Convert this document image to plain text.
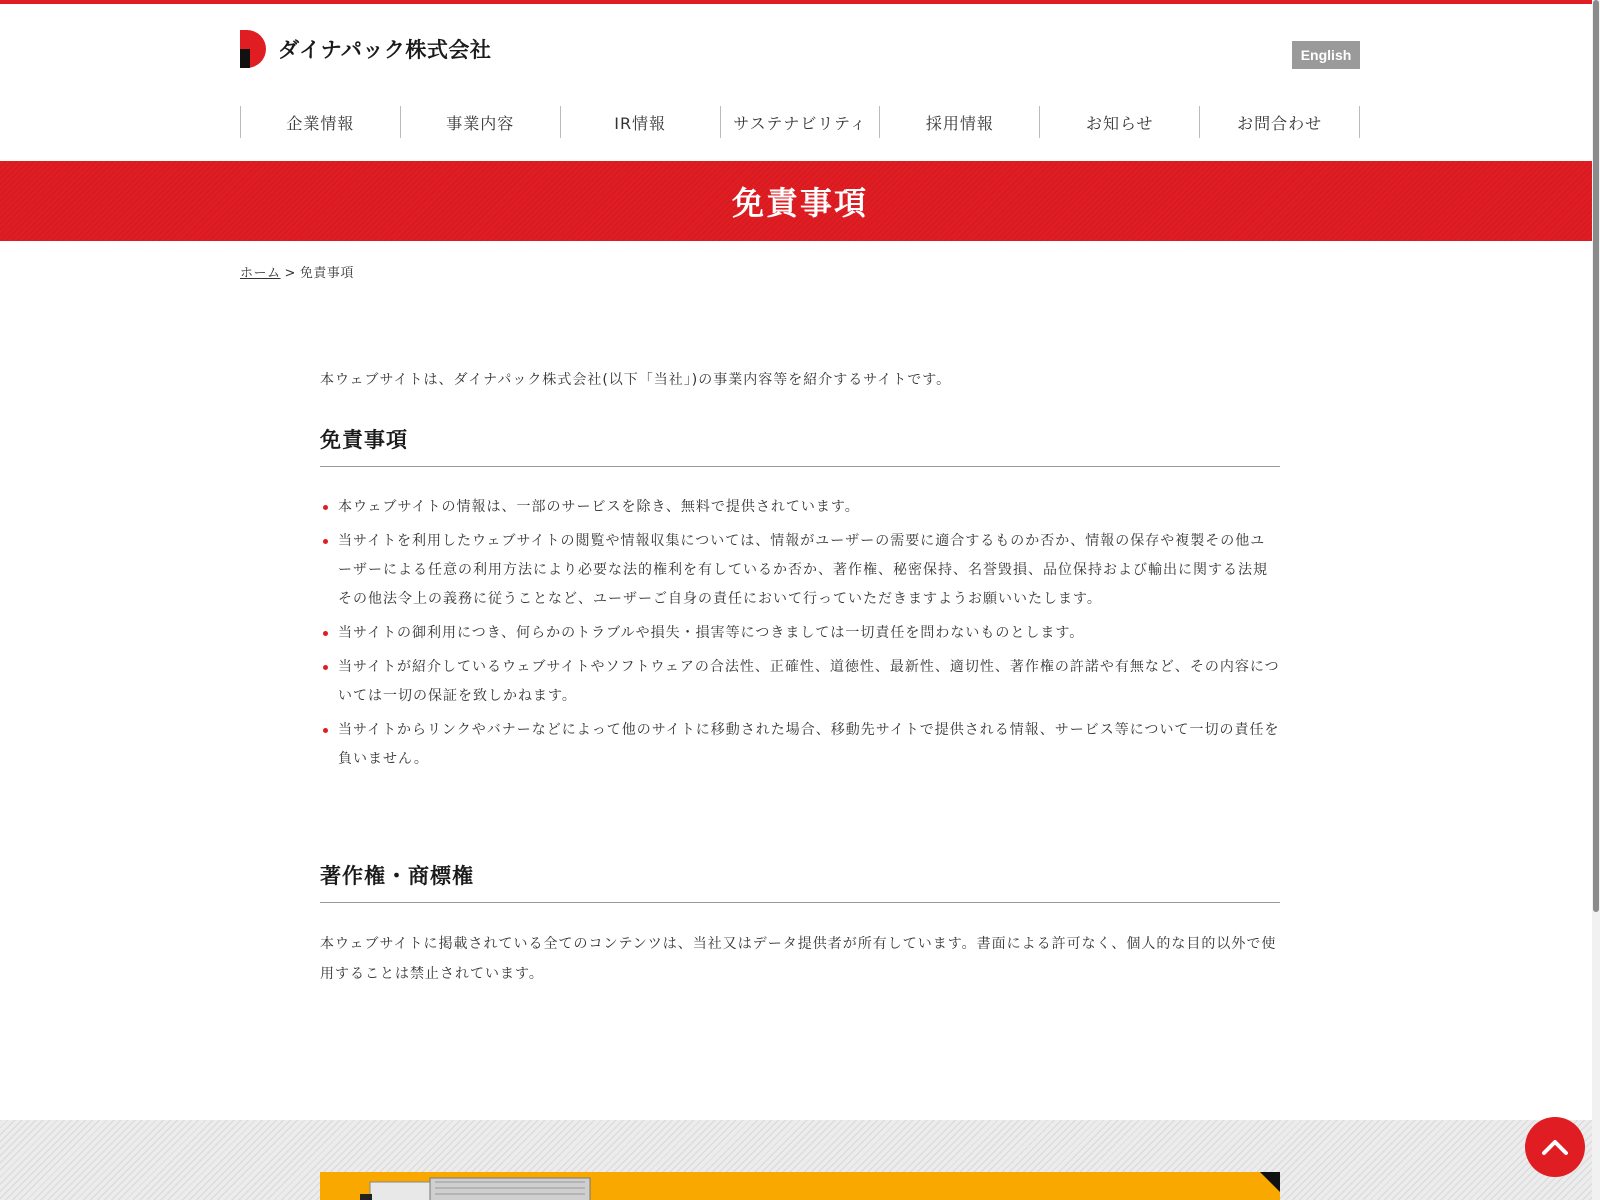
ダイナパック株式会社	English
企業情報	事業内容	IR情報	サステナビリティ	採用情報	お知らせ	お問合わせ
免責事項
ホーム > 免責事項

本ウェブサイトは、ダイナパック株式会社(以下「当社」)の事業内容等を紹介するサイトです。

免責事項
本ウェブサイトの情報は、一部のサービスを除き、無料で提供されています。
当サイトを利用したウェブサイトの閲覧や情報収集については、情報がユーザーの需要に適合するものか否か、情報の保存や複製その他ユーザーによる任意の利用方法により必要な法的権利を有しているか否か、著作権、秘密保持、名誉毀損、品位保持および輸出に関する法規その他法令上の義務に従うことなど、ユーザーご自身の責任において行っていただきますようお願いいたします。
当サイトの御利用につき、何らかのトラブルや損失・損害等につきましては一切責任を問わないものとします。
当サイトが紹介しているウェブサイトやソフトウェアの合法性、正確性、道徳性、最新性、適切性、著作権の許諾や有無など、その内容については一切の保証を致しかねます。
当サイトからリンクやバナーなどによって他のサイトに移動された場合、移動先サイトで提供される情報、サービス等について一切の責任を負いません。
著作権・商標権

本ウェブサイトに掲載されている全てのコンテンツは、当社又はデータ提供者が所有しています。書面による許可なく、個人的な目的以外で使用することは禁止されています。
